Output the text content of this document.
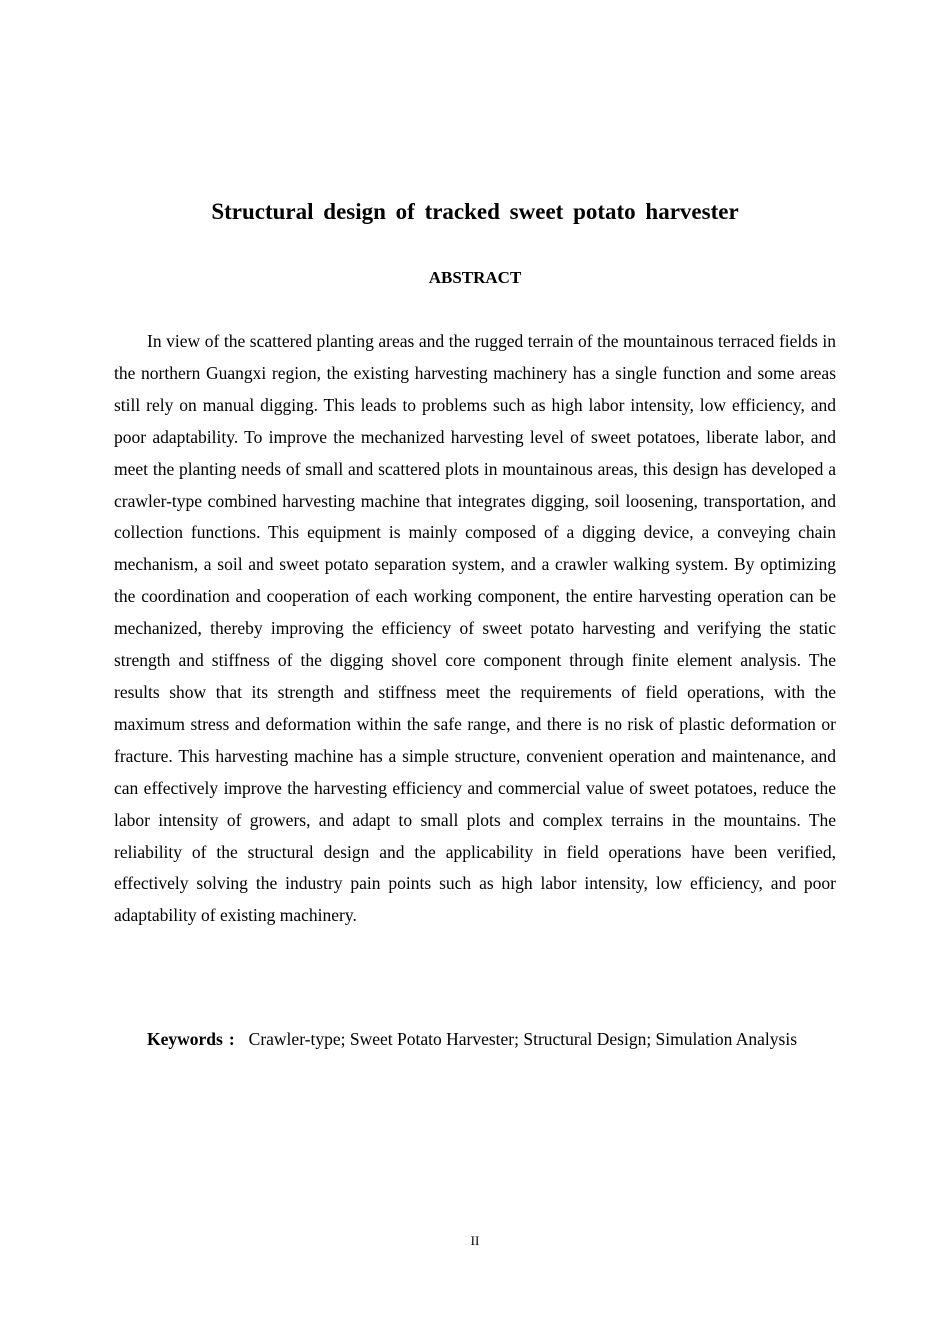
Structural design of tracked sweet potato harvester
ABSTRACT

In view of the scattered planting areas and the rugged terrain of the mountainous terraced fields in the northern Guangxi region, the existing harvesting machinery has a single function and some areas still rely on manual digging. This leads to problems such as high labor intensity, low efficiency, and poor adaptability. To improve the mechanized harvesting level of sweet potatoes, liberate labor, and meet the planting needs of small and scattered plots in mountainous areas, this design has developed a crawler-type combined harvesting machine that integrates digging, soil loosening, transportation, and collection functions. This equipment is mainly composed of a digging device, a conveying chain mechanism, a soil and sweet potato separation system, and a crawler walking system. By optimizing the coordination and cooperation of each working component, the entire harvesting operation can be mechanized, thereby improving the efficiency of sweet potato harvesting and verifying the static strength and stiffness of the digging shovel core component through finite element analysis. The results show that its strength and stiffness meet the requirements of field operations, with the maximum stress and deformation within the safe range, and there is no risk of plastic deformation or fracture. This harvesting machine has a simple structure, convenient operation and maintenance, and can effectively improve the harvesting efficiency and commercial value of sweet potatoes, reduce the labor intensity of growers, and adapt to small plots and complex terrains in the mountains. The reliability of the structural design and the applicability in field operations have been verified, effectively solving the industry pain points such as high labor intensity, low efficiency, and poor adaptability of existing machinery.

Keywords : Crawler-type; Sweet Potato Harvester; Structural Design; Simulation Analysis

II
